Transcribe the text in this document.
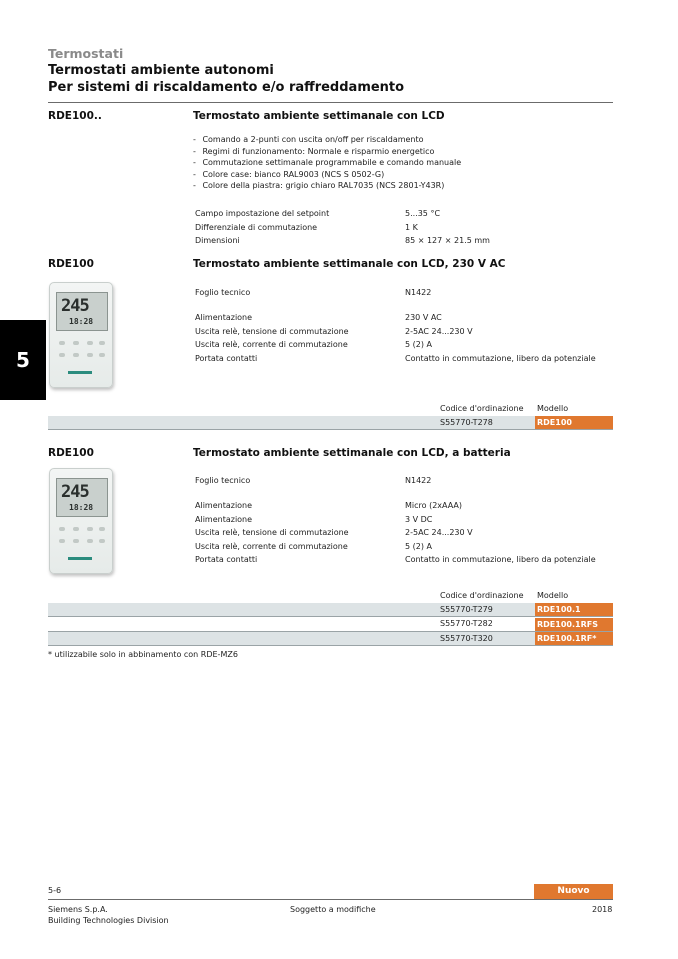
Termostati
Termostati ambiente autonomi
Per sistemi di riscaldamento e/o raffreddamento
5
RDE100..	Termostato ambiente settimanale con LCD
- Comando a 2-punti con uscita on/off per riscaldamento
- Regimi di funzionamento: Normale e risparmio energetico
- Commutazione settimanale programmabile e comando manuale
- Colore case: bianco RAL9003 (NCS S 0502-G)
- Colore della piastra: grigio chiaro RAL7035 (NCS 2801-Y43R)
Campo impostazione del setpoint	5...35 °C
Differenziale di commutazione	1 K
Dimensioni	85 × 127 × 21.5 mm
RDE100	Termostato ambiente settimanale con LCD, 230 V AC
245
18:28
Foglio tecnico	N1422
Alimentazione	230 V AC
Uscita relè, tensione di commutazione	2-5AC 24...230 V
Uscita relè, corrente di commutazione	5 (2) A
Portata contatti	Contatto in commutazione, libero da potenziale
Codice d'ordinazione Modello
S55770-T278	RDE100
RDE100	Termostato ambiente settimanale con LCD, a batteria
245
18:28
Foglio tecnico	N1422
Alimentazione	Micro (2xAAA)
Alimentazione	3 V DC
Uscita relè, tensione di commutazione	2-5AC 24...230 V
Uscita relè, corrente di commutazione	5 (2) A
Portata contatti	Contatto in commutazione, libero da potenziale
Codice d'ordinazione Modello
S55770-T279	RDE100.1
S55770-T282	RDE100.1RFS
S55770-T320	RDE100.1RF*
* utilizzabile solo in abbinamento con RDE-MZ6
5-6	Nuovo prodotto
Siemens S.p.A.
Building Technologies Division
Soggetto a modifiche	2018
